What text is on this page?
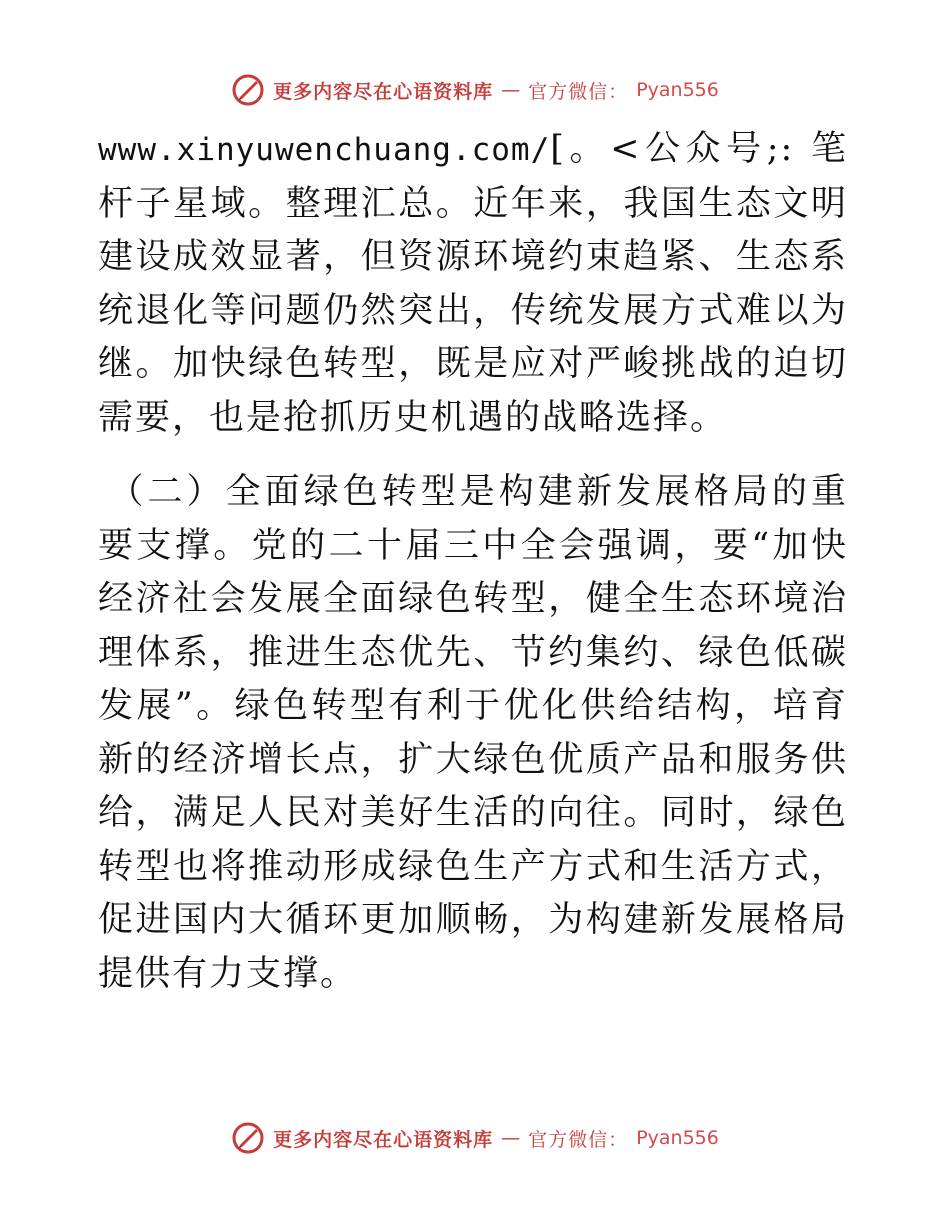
更多内容尽在心语资料库 — 官方微信： Pyan556

www.xinyuwenchuang.com/[。<公众号;: 笔杆子星域。整理汇总。近年来，我国生态文明建设成效显著，但资源环境约束趋紧、生态系统退化等问题仍然突出，传统发展方式难以为继。加快绿色转型，既是应对严峻挑战的迫切需要，也是抢抓历史机遇的战略选择。

（二）全面绿色转型是构建新发展格局的重要支撑。党的二十届三中全会强调，要“加快经济社会发展全面绿色转型，健全生态环境治理体系，推进生态优先、节约集约、绿色低碳发展”。绿色转型有利于优化供给结构，培育新的经济增长点，扩大绿色优质产品和服务供给，满足人民对美好生活的向往。同时，绿色转型也将推动形成绿色生产方式和生活方式，促进国内大循环更加顺畅，为构建新发展格局提供有力支撑。

更多内容尽在心语资料库 — 官方微信： Pyan556
